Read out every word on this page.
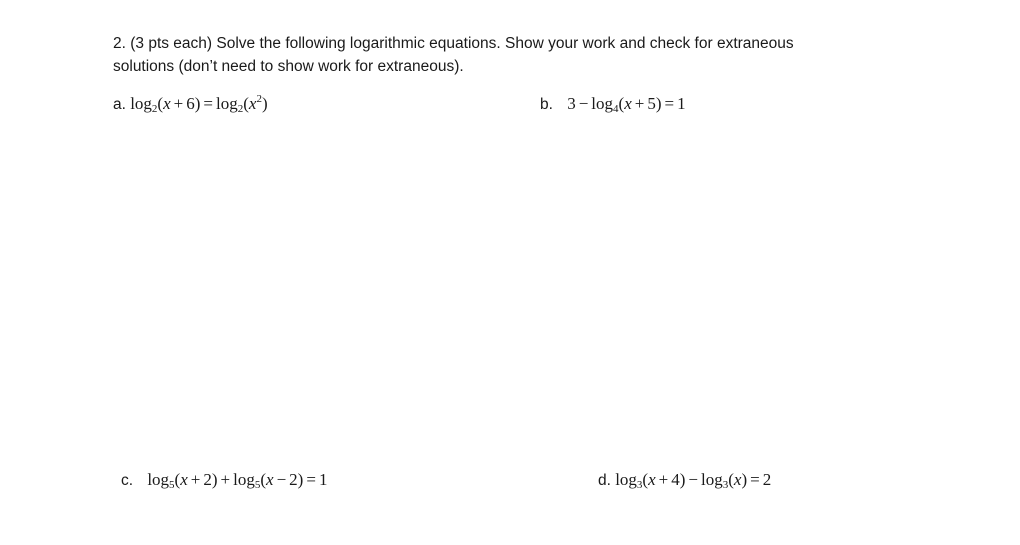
2. (3 pts each) Solve the following logarithmic equations. Show your work and check for extraneous
solutions (don’t need to show work for extraneous).
a. $\log_2(x + 6) = \log_2(x^2)$	b. $3 - \log_4(x + 5) = 1$
c. $\log_5(x + 2) + \log_5(x - 2) = 1$	d. $\log_3(x + 4) - \log_3(x) = 2$
